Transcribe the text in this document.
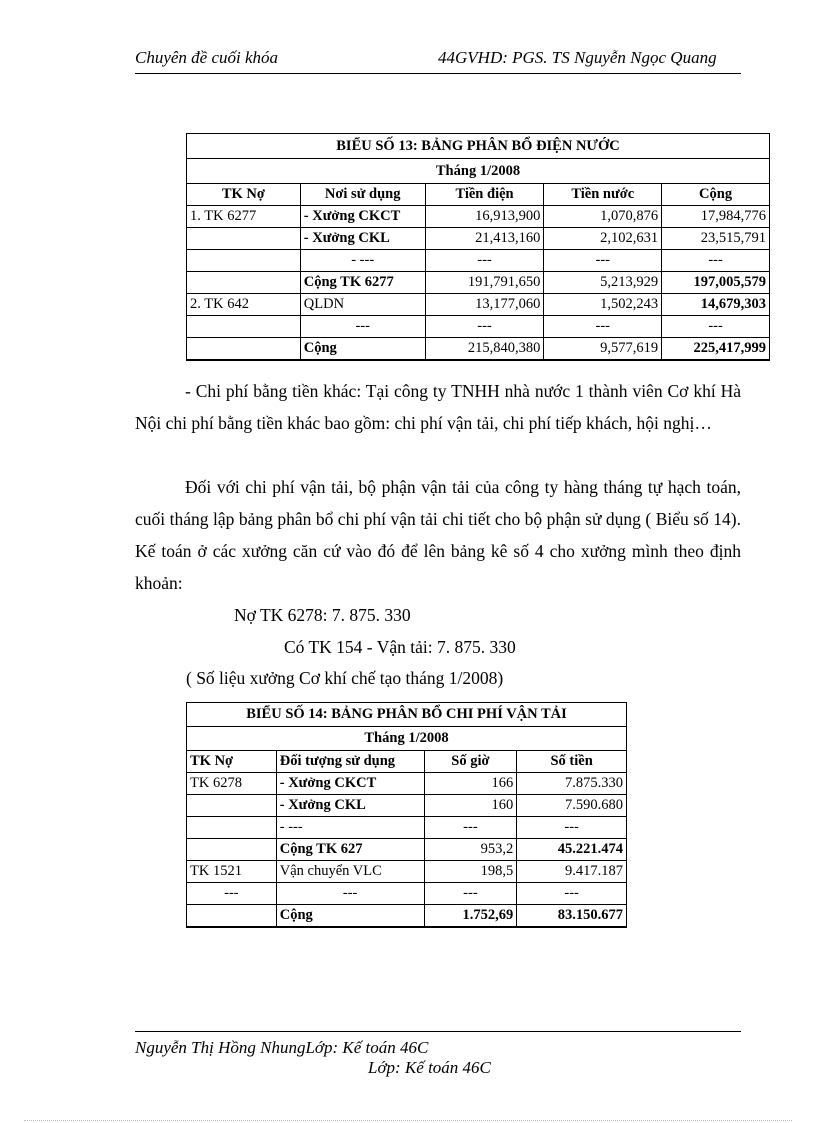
Chuyên đề cuối khóa	44GVHD: PGS. TS Nguyễn Ngọc Quang
BIỂU SỐ 13: BẢNG PHÂN BỔ ĐIỆN NƯỚC				
Tháng 1/2008				
TK Nợ	Nơi sử dụng	Tiền điện	Tiền nước	Cộng
1. TK 6277	- Xưởng CKCT	16,913,900	1,070,876	17,984,776
	- Xưởng CKL	21,413,160	2,102,631	23,515,791
	- ---	---	---	---
	Cộng TK 6277	191,791,650	5,213,929	197,005,579
2. TK 642	QLDN	13,177,060	1,502,243	14,679,303
	---	---	---	---
	Cộng	215,840,380	9,577,619	225,417,999
- Chi phí bằng tiền khác: Tại công ty TNHH nhà nước 1 thành viên Cơ khí Hà Nội chi phí bằng tiền khác bao gồm: chi phí vận tải, chi phí tiếp khách, hội nghị…
Đối với chi phí vận tải, bộ phận vận tải của công ty hàng tháng tự hạch toán, cuối tháng lập bảng phân bổ chi phí vận tải chi tiết cho bộ phận sử dụng ( Biểu số 14). Kế toán ở các xưởng căn cứ vào đó để lên bảng kê số 4 cho xưởng mình theo định khoản:
Nợ TK 6278: 7. 875. 330
Có TK 154 - Vận tải: 7. 875. 330
( Số liệu xưởng Cơ khí chế tạo tháng 1/2008)
BIỂU SỐ 14: BẢNG PHÂN BỔ CHI PHÍ VẬN TẢI			
Tháng 1/2008			
TK Nợ	Đối tượng sử dụng	Số giờ	Số tiền
TK 6278	- Xưởng CKCT	166	7.875.330
	- Xưởng CKL	160	7.590.680
	- ---	---	---
	Cộng TK 627	953,2	45.221.474
TK 1521	Vận chuyển VLC	198,5	9.417.187
---	---	---	---
	Cộng	1.752,69	83.150.677
Nguyễn Thị Hồng NhungLớp: Kế toán 46C
Lớp: Kế toán 46C
